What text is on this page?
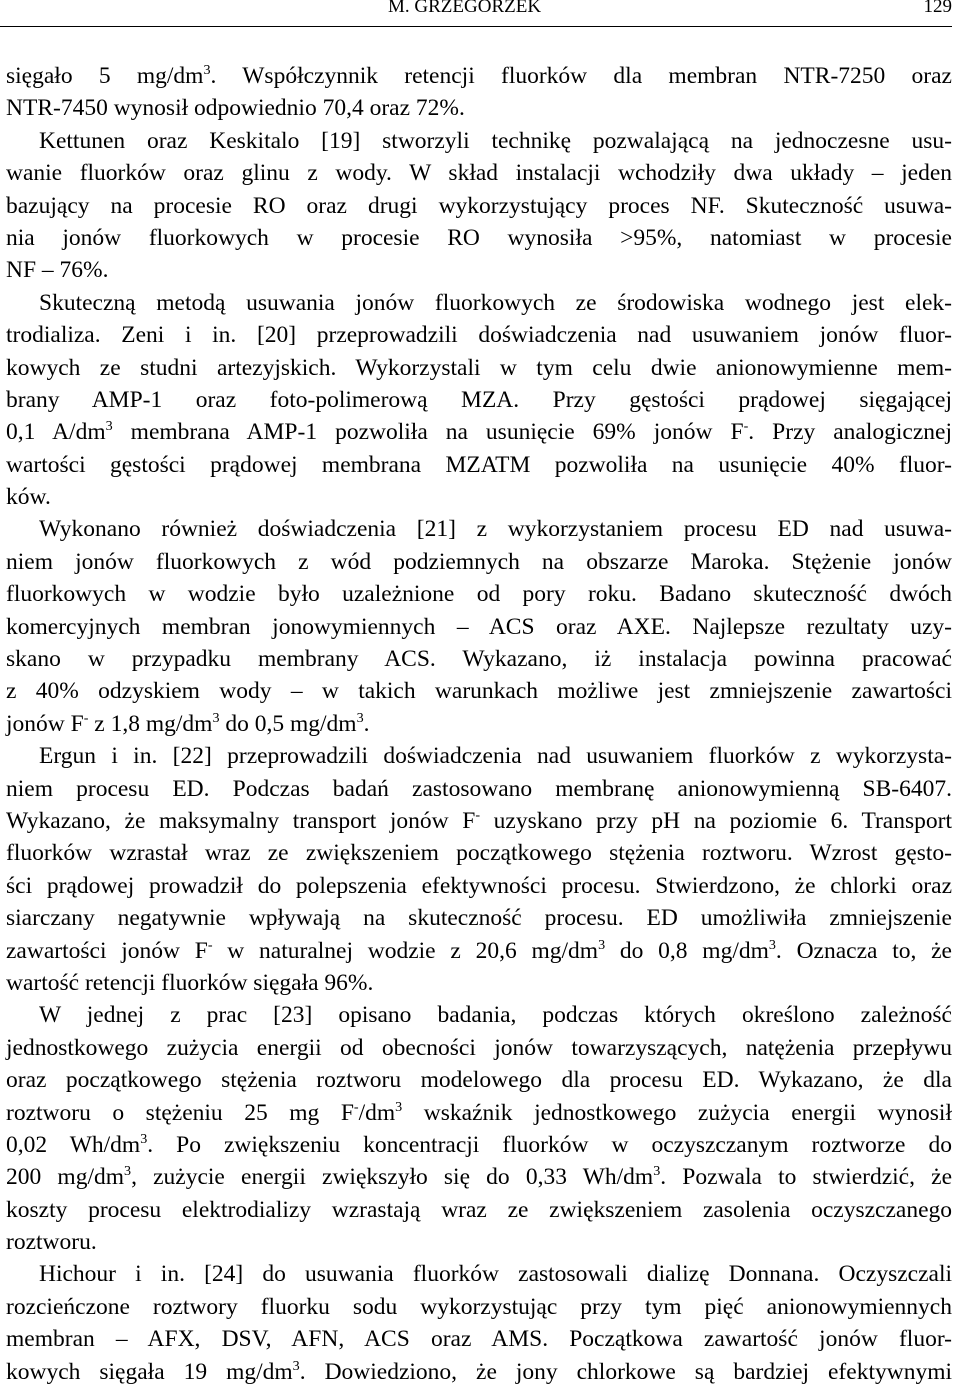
M. GRZEGORZEK	129
sięgało 5 $mg/dm^3$. Współczynnik retencji fluorków dla membran NTR-7250 oraz
NTR-7450 wynosił odpowiednio 70,4 oraz 72%.
Kettunen oraz Keskitalo [19] stworzyli technikę pozwalającą na jednoczesne usu-
wanie fluorków oraz glinu z wody. W skład instalacji wchodziły dwa układy – jeden
bazujący na procesie RO oraz drugi wykorzystujący proces NF. Skuteczność usuwa-
nia jonów fluorkowych w procesie RO wynosiła >95%, natomiast w procesie
NF – 76%.
Skuteczną metodą usuwania jonów fluorkowych ze środowiska wodnego jest elek-
trodializa. Zeni i in. [20] przeprowadzili doświadczenia nad usuwaniem jonów fluor-
kowych ze studni artezyjskich. Wykorzystali w tym celu dwie anionowymienne mem-
brany AMP-1 oraz foto-polimerową MZA. Przy gęstości prądowej sięgającej
0,1 $A/dm^3$ membrana AMP-1 pozwoliła na usunięcie 69% jonów F-. Przy analogicznej
wartości gęstości prądowej membrana MZATM pozwoliła na usunięcie 40% fluor-
ków.
Wykonano również doświadczenia [21] z wykorzystaniem procesu ED nad usuwa-
niem jonów fluorkowych z wód podziemnych na obszarze Maroka. Stężenie jonów
fluorkowych w wodzie było uzależnione od pory roku. Badano skuteczność dwóch
komercyjnych membran jonowymiennych – ACS oraz AXE. Najlepsze rezultaty uzy-
skano w przypadku membrany ACS. Wykazano, iż instalacja powinna pracować
z 40% odzyskiem wody – w takich warunkach możliwe jest zmniejszenie zawartości
jonów F- z 1,8 $mg/dm^3$ do 0,5 $mg/dm^3$.
Ergun i in. [22] przeprowadzili doświadczenia nad usuwaniem fluorków z wykorzysta-
niem procesu ED. Podczas badań zastosowano membranę anionowymienną SB-6407.
Wykazano, że maksymalny transport jonów F- uzyskano przy pH na poziomie 6. Transport
fluorków wzrastał wraz ze zwiększeniem początkowego stężenia roztworu. Wzrost gęsto-
ści prądowej prowadził do polepszenia efektywności procesu. Stwierdzono, że chlorki oraz
siarczany negatywnie wpływają na skuteczność procesu. ED umożliwiła zmniejszenie
zawartości jonów F- w naturalnej wodzie z 20,6 $mg/dm^3$ do 0,8 $mg/dm^3$. Oznacza to, że
wartość retencji fluorków sięgała 96%.
W jednej z prac [23] opisano badania, podczas których określono zależność
jednostkowego zużycia energii od obecności jonów towarzyszących, natężenia przepływu
oraz początkowego stężenia roztworu modelowego dla procesu ED. Wykazano, że dla
roztworu o stężeniu 25 mg $F^-/dm^3$ wskaźnik jednostkowego zużycia energii wynosił
0,02 $Wh/dm^3$. Po zwiększeniu koncentracji fluorków w oczyszczanym roztworze do
200 $mg/dm^3$, zużycie energii zwiększyło się do 0,33 $Wh/dm^3$. Pozwala to stwierdzić, że
koszty procesu elektrodializy wzrastają wraz ze zwiększeniem zasolenia oczyszczanego
roztworu.
Hichour i in. [24] do usuwania fluorków zastosowali dializę Donnana. Oczyszczali
rozcieńczone roztwory fluorku sodu wykorzystując przy tym pięć anionowymiennych
membran – AFX, DSV, AFN, ACS oraz AMS. Początkowa zawartość jonów fluor-
kowych sięgała 19 $mg/dm^3$. Dowiedziono, że jony chlorkowe są bardziej efektywnymi
